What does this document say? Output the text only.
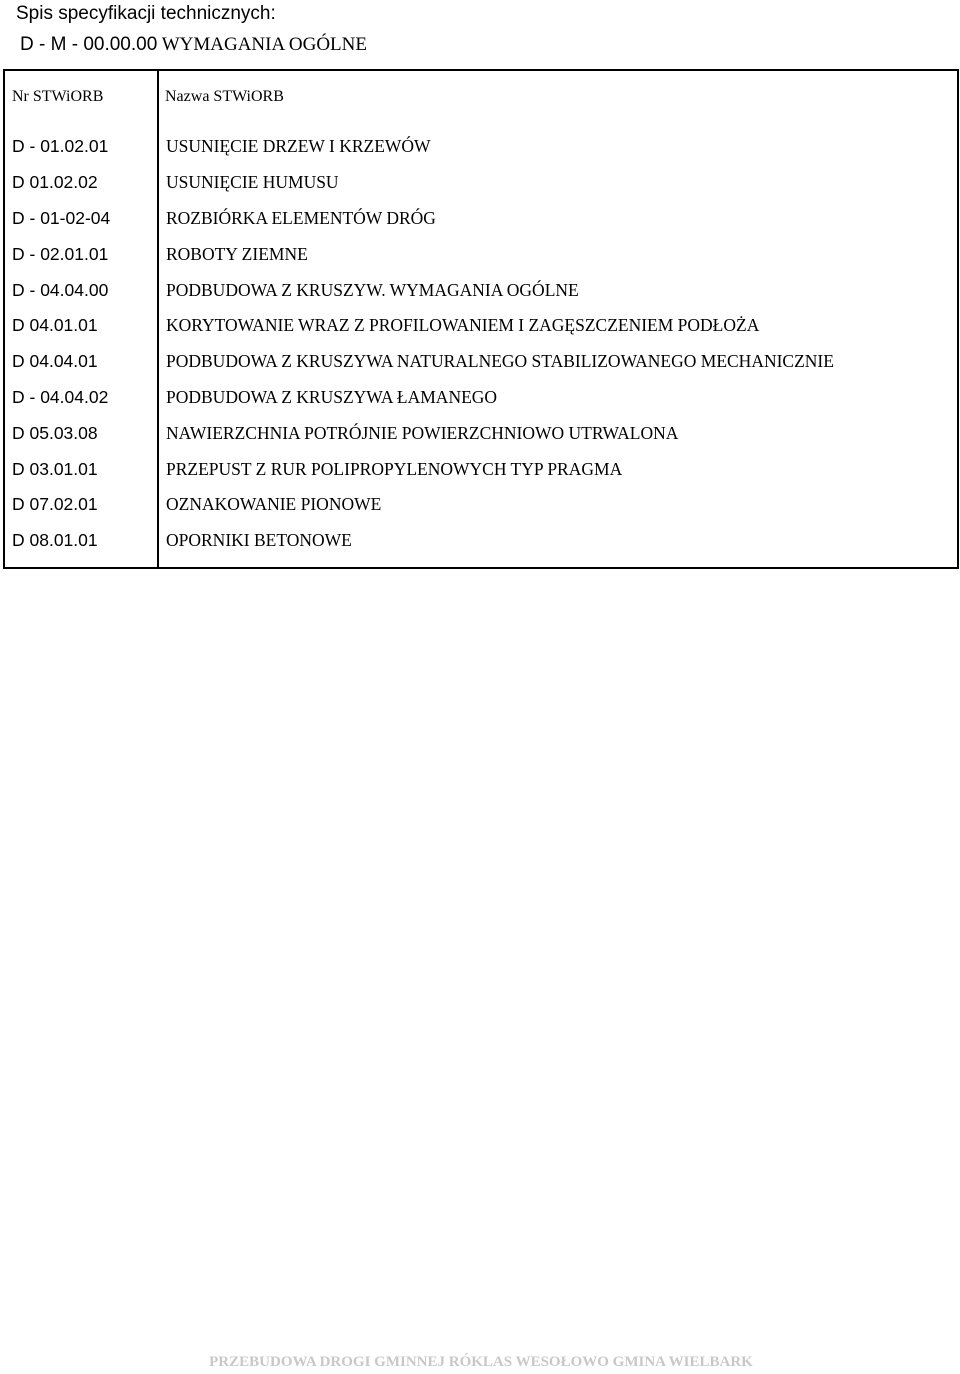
Spis specyfikacji technicznych:
D - M - 00.00.00 WYMAGANIA OGÓLNE
Nr STWiORB	Nazwa STWiORB
D - 01.02.01	USUNIĘCIE DRZEW I KRZEWÓW
D 01.02.02	USUNIĘCIE HUMUSU
D - 01-02-04	ROZBIÓRKA ELEMENTÓW DRÓG
D - 02.01.01	ROBOTY ZIEMNE
D - 04.04.00	PODBUDOWA Z KRUSZYW. WYMAGANIA OGÓLNE
D 04.01.01	KORYTOWANIE WRAZ Z PROFILOWANIEM I ZAGĘSZCZENIEM PODŁOŻA
D 04.04.01	PODBUDOWA Z KRUSZYWA NATURALNEGO STABILIZOWANEGO MECHANICZNIE
D - 04.04.02	PODBUDOWA Z KRUSZYWA ŁAMANEGO
D 05.03.08	NAWIERZCHNIA POTRÓJNIE POWIERZCHNIOWO UTRWALONA
D 03.01.01	PRZEPUST Z RUR POLIPROPYLENOWYCH TYP PRAGMA
D 07.02.01	OZNAKOWANIE PIONOWE
D 08.01.01	OPORNIKI BETONOWE
PRZEBUDOWA DROGI GMINNEJ RÓKLAS WESOŁOWO GMINA WIELBARK
